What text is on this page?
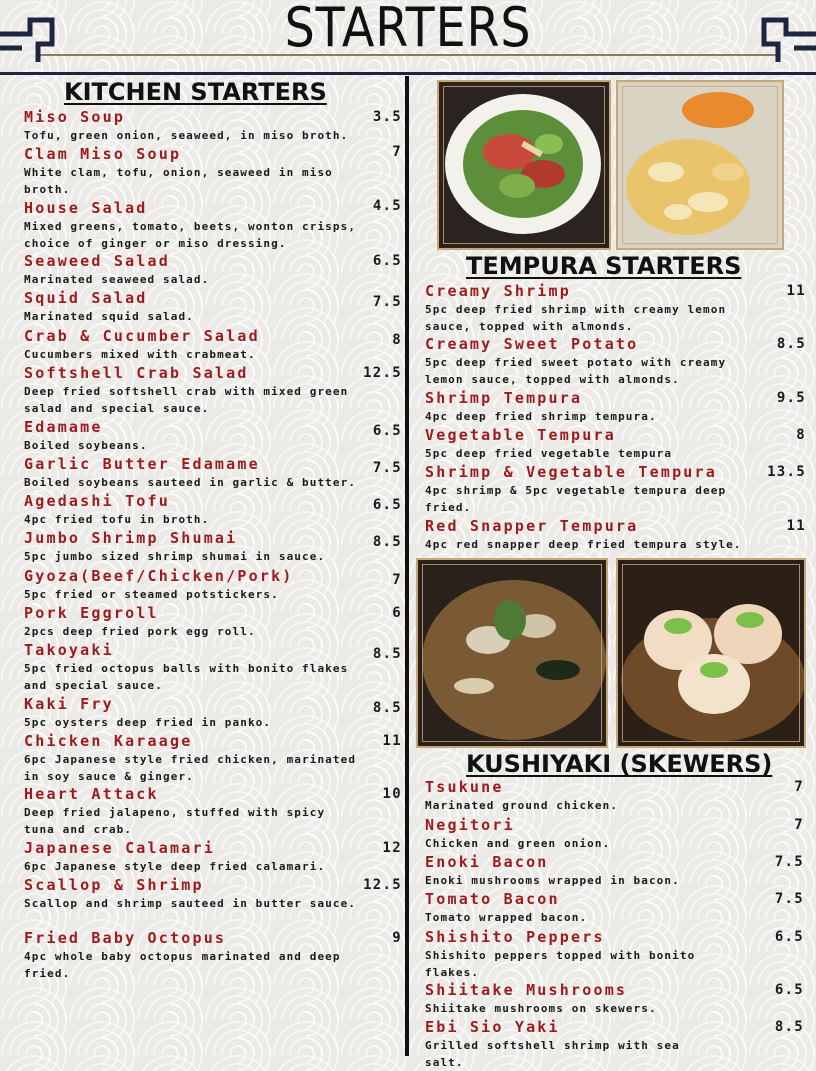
STARTERS
KITCHEN STARTERS
TEMPURA STARTERS
KUSHIYAKI (SKEWERS)
Miso Soup
Tofu, green onion, seaweed, in miso broth.
3.5
Clam Miso Soup
White clam, tofu, onion, seaweed in miso broth.
7
House Salad
Mixed greens, tomato, beets, wonton crisps, choice of ginger or miso dressing.
4.5
Seaweed Salad
Marinated seaweed salad.
6.5
Squid Salad
Marinated squid salad.
7.5
Crab & Cucumber Salad
Cucumbers mixed with crabmeat.
8
Softshell Crab Salad
Deep fried softshell crab with mixed green salad and special sauce.
12.5
Edamame
Boiled soybeans.
6.5
Garlic Butter Edamame
Boiled soybeans sauteed in garlic & butter.
7.5
Agedashi Tofu
4pc fried tofu in broth.
6.5
Jumbo Shrimp Shumai
5pc jumbo sized shrimp shumai in sauce.
8.5
Gyoza(Beef/Chicken/Pork)
5pc fried or steamed potstickers.
7
Pork Eggroll
2pcs deep fried pork egg roll.
6
Takoyaki
5pc fried octopus balls with bonito flakes and special sauce.
8.5
Kaki Fry
5pc oysters deep fried in panko.
8.5
Chicken Karaage
6pc Japanese style fried chicken, marinated in soy sauce & ginger.
11
Heart Attack
Deep fried jalapeno, stuffed with spicy tuna and crab.
10
Japanese Calamari
6pc Japanese style deep fried calamari.
12
Scallop & Shrimp
Scallop and shrimp sauteed in butter sauce.
12.5
Fried Baby Octopus
4pc whole baby octopus marinated and deep fried.
9
Creamy Shrimp
5pc deep fried shrimp with creamy lemon sauce, topped with almonds.
11
Creamy Sweet Potato
5pc deep fried sweet potato with creamy lemon sauce, topped with almonds.
8.5
Shrimp Tempura
4pc deep fried shrimp tempura.
9.5
Vegetable Tempura
5pc deep fried vegetable tempura
8
Shrimp & Vegetable Tempura
4pc shrimp & 5pc vegetable tempura deep fried.
13.5
Red Snapper Tempura
4pc red snapper deep fried tempura style.
11
Tsukune
Marinated ground chicken.
7
Negitori
Chicken and green onion.
7
Enoki Bacon
Enoki mushrooms wrapped in bacon.
7.5
Tomato Bacon
Tomato wrapped bacon.
7.5
Shishito Peppers
Shishito peppers topped with bonito flakes.
6.5
Shiitake Mushrooms
Shiitake mushrooms on skewers.
6.5
Ebi Sio Yaki
Grilled softshell shrimp with sea salt.
8.5
